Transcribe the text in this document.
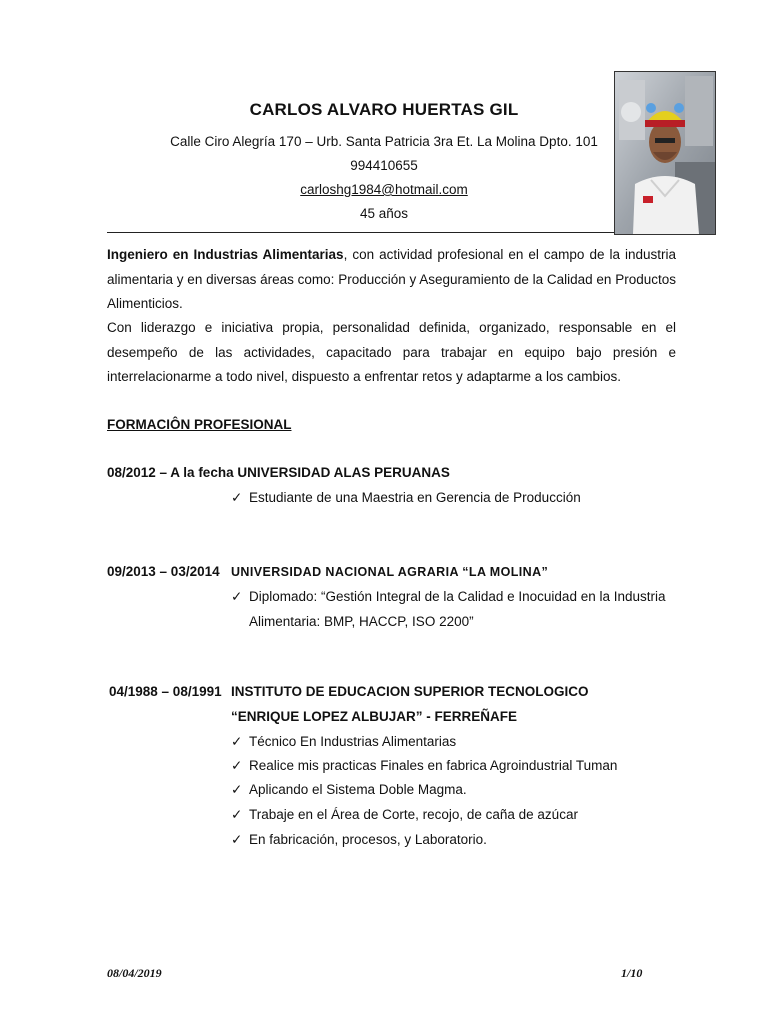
CARLOS ALVARO HUERTAS GIL
Calle Ciro Alegría 170 – Urb. Santa Patricia 3ra Et. La Molina Dpto. 101
994410655
carloshg1984@hotmail.com
45 años
Ingeniero en Industrias Alimentarias, con actividad profesional en el campo de la industria alimentaria y en diversas áreas como: Producción y Aseguramiento de la Calidad en Productos Alimenticios.
Con liderazgo e iniciativa propia, personalidad definida, organizado, responsable en el desempeño de las actividades, capacitado para trabajar en equipo bajo presión e interrelacionarme a todo nivel, dispuesto a enfrentar retos y adaptarme a los cambios.
FORMACIÔN PROFESIONAL
08/2012 – A la fecha UNIVERSIDAD ALAS PERUANAS
✓ Estudiante de una Maestria en Gerencia de Producción
09/2013 – 03/2014 UNIVERSIDAD NACIONAL AGRARIA “LA MOLINA”
✓ Diplomado: “Gestión Integral de la Calidad e Inocuidad en la Industria
Alimentaria: BMP, HACCP, ISO 2200”
04/1988 – 08/1991 INSTITUTO DE EDUCACION SUPERIOR TECNOLOGICO
“ENRIQUE LOPEZ ALBUJAR” - FERREÑAFE
✓ Técnico En Industrias Alimentarias
✓ Realice mis practicas Finales en fabrica Agroindustrial Tuman
✓ Aplicando el Sistema Doble Magma.
✓ Trabaje en el Área de Corte, recojo, de caña de azúcar
✓ En fabricación, procesos, y Laboratorio.
08/04/2019	1/10
